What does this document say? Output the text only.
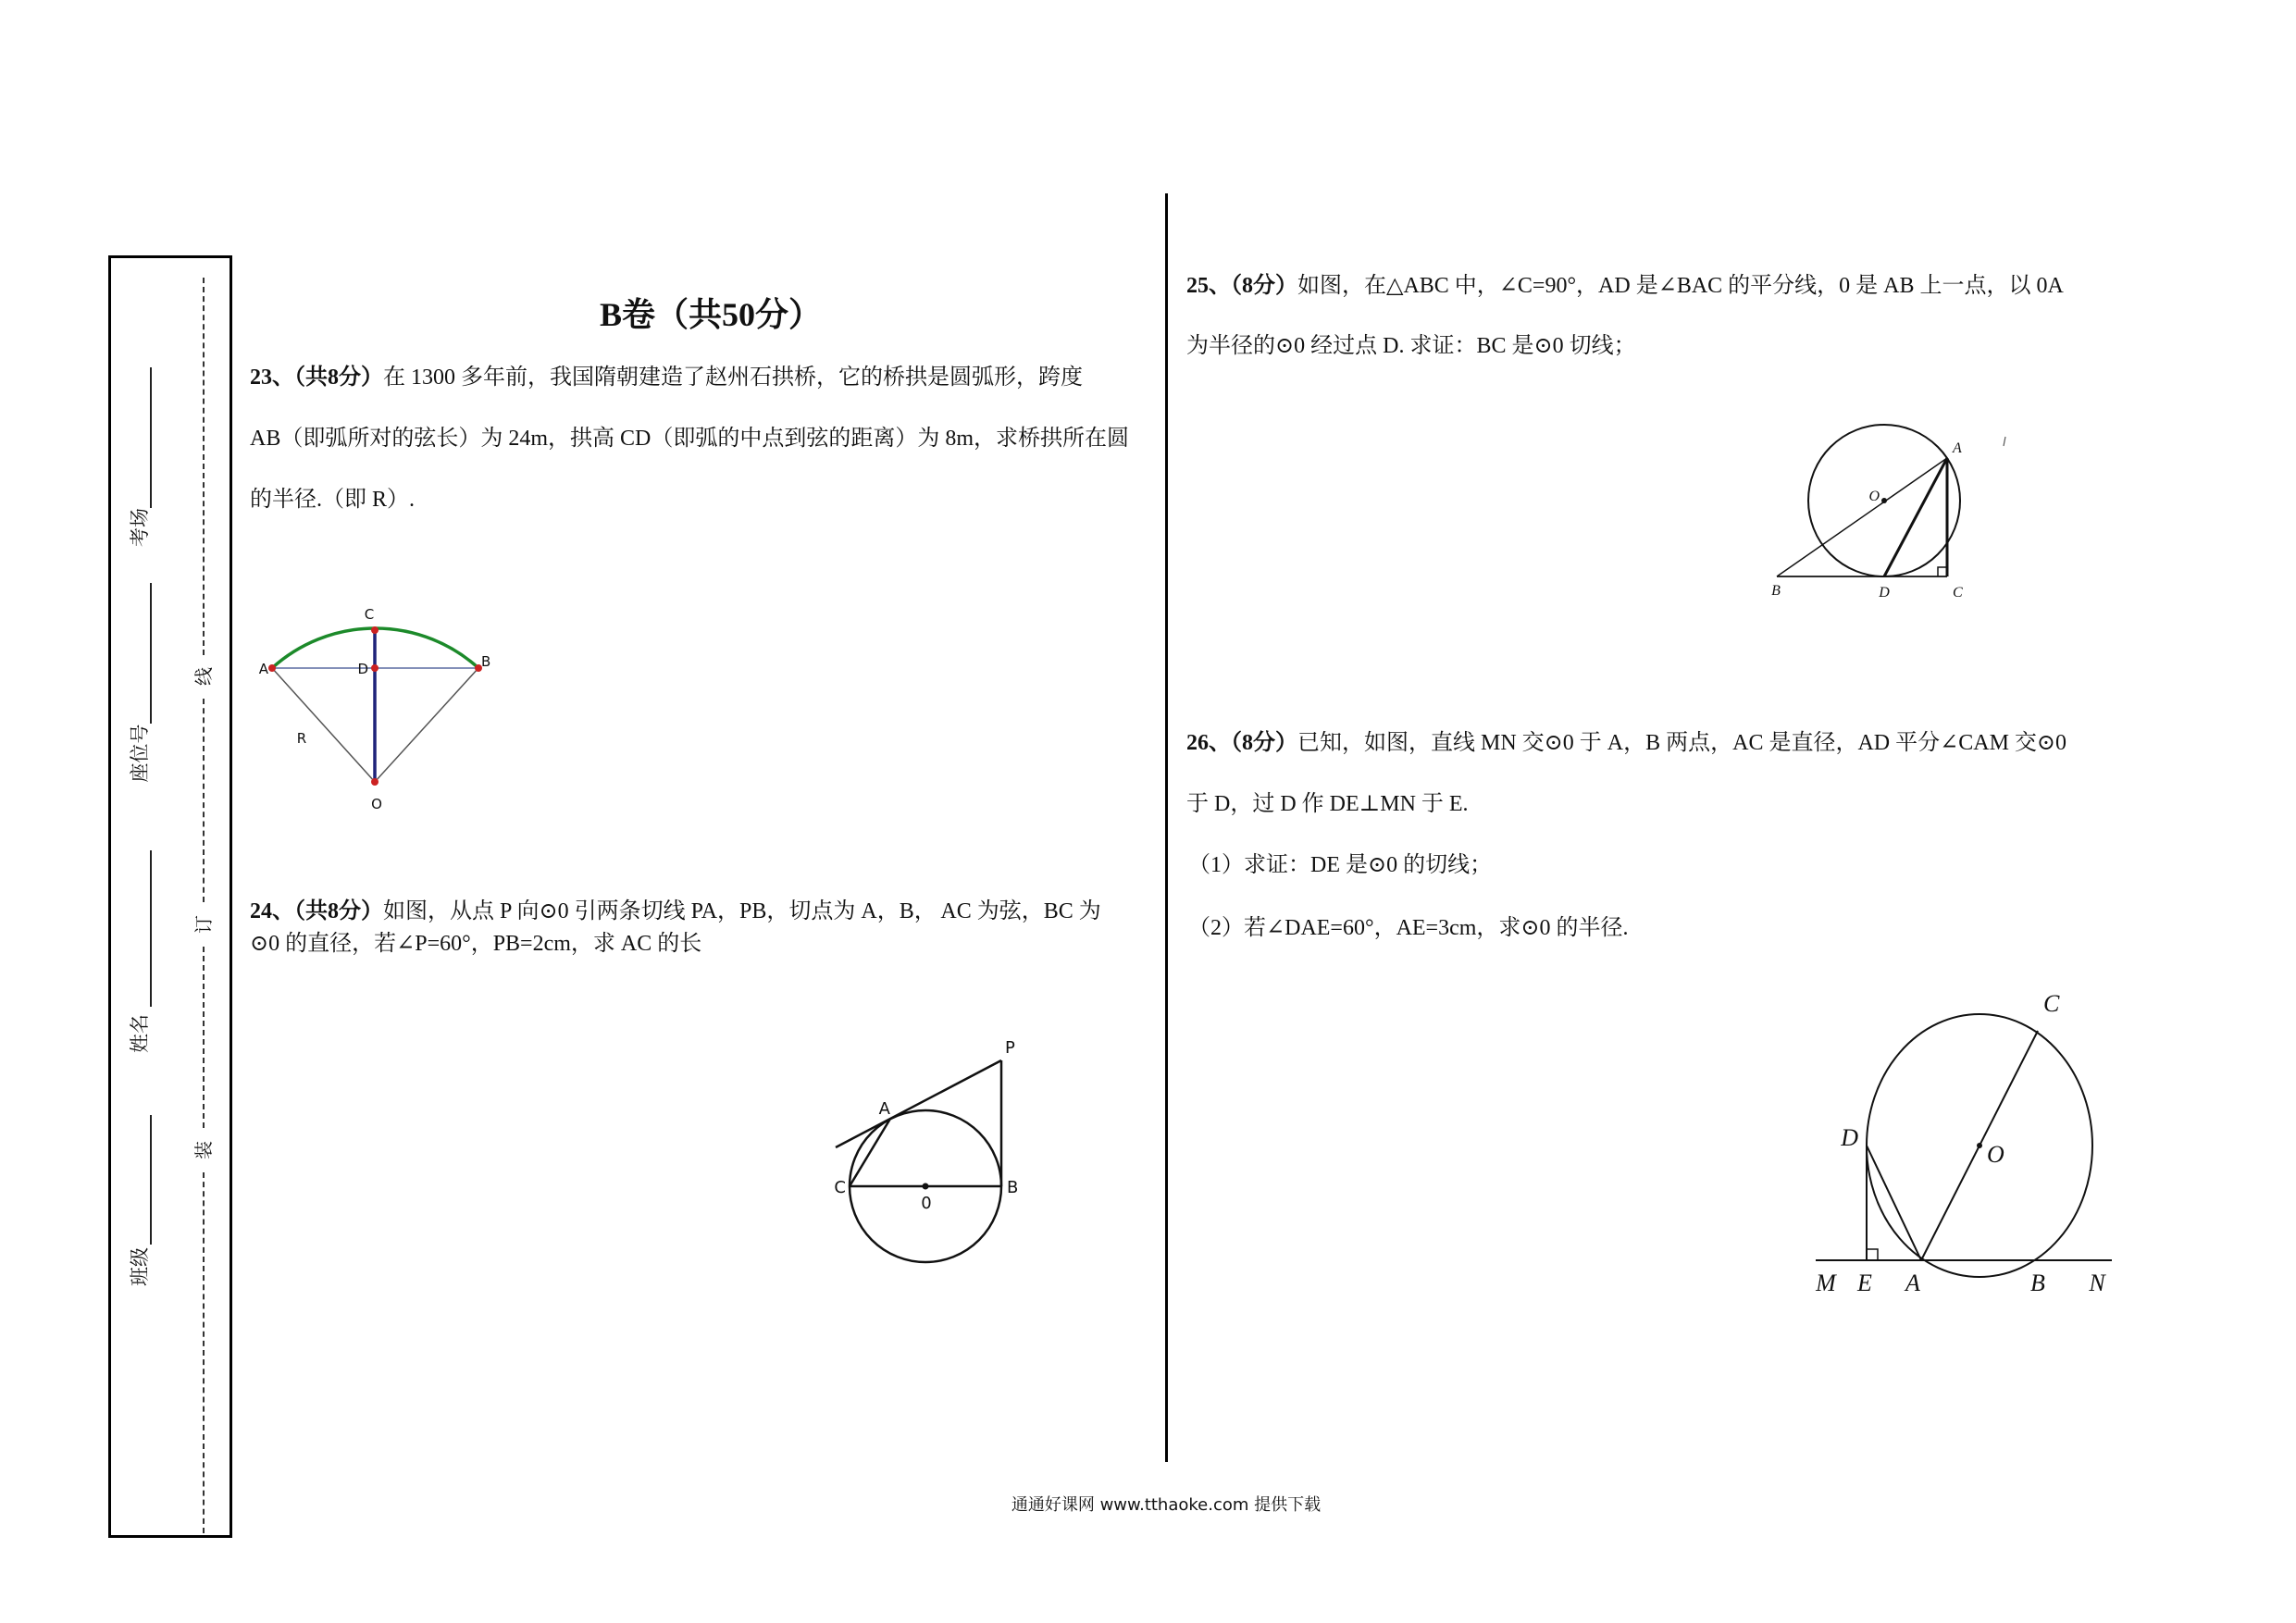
考场
座位号
姓名
班级
线
订
装
B卷（共50分）
23、（共8分）在 1300 多年前，我国隋朝建造了赵州石拱桥，它的桥拱是圆弧形，跨度
AB（即弧所对的弦长）为 24m，拱高 CD（即弧的中点到弦的距离）为 8m，求桥拱所在圆
的半径.（即 R）.
C
A	B
D
R
O
24、（共8分）如图，从点 P 向⊙0 引两条切线 PA，PB，切点为 A，B， AC 为弦，BC 为
⊙0 的直径，若∠P=60°，PB=2cm，求 AC 的长
P
A
C
0
B
25、（8分）如图，在△ABC 中，∠C=90°，AD 是∠BAC 的平分线，0 是 AB 上一点，以 0A
为半径的⊙0 经过点 D. 求证：BC 是⊙0 切线；
A
O
B	D	C
26、（8分）已知，如图，直线 MN 交⊙0 于 A，B 两点，AC 是直径，AD 平分∠CAM 交⊙0
于 D，过 D 作 DE⊥MN 于 E.
（1）求证：DE 是⊙0 的切线；
（2）若∠DAE=60°，AE=3cm，求⊙0 的半径.
C
D
O
M E A	B N
通通好课网 www.tthaoke.com 提供下载
